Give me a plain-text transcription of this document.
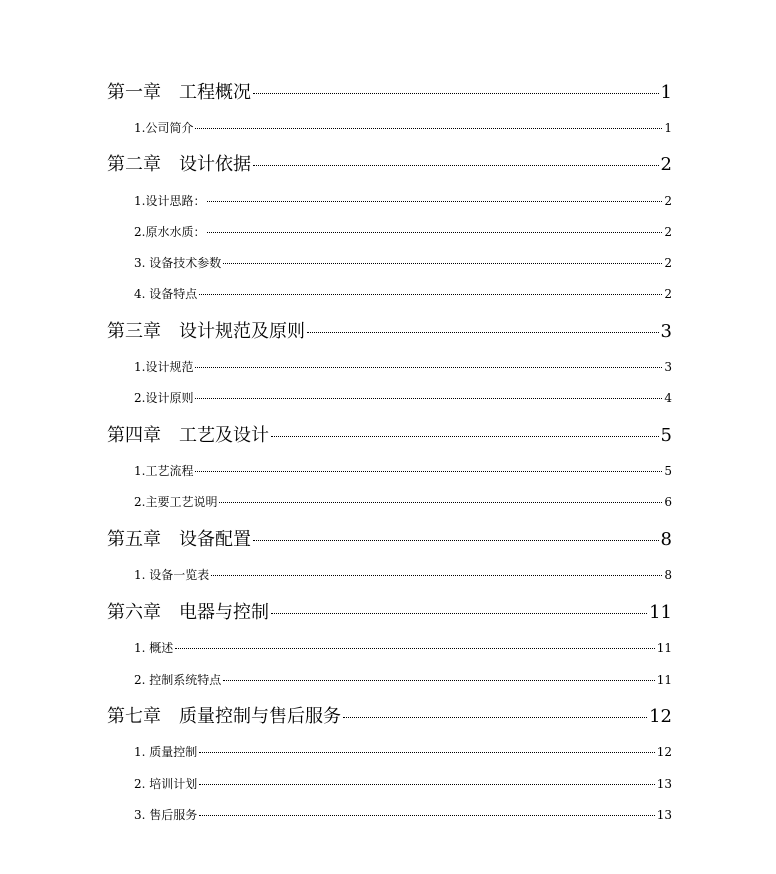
第一章 工程概况	1
1.公司简介	1
第二章 设计依据	2
1.设计思路：	2
2.原水水质：	2
3. 设备技术参数	2
4. 设备特点	2
第三章 设计规范及原则	3
1.设计规范	3
2.设计原则	4
第四章 工艺及设计	5
1.工艺流程	5
2.主要工艺说明	6
第五章 设备配置	8
1. 设备一览表	8
第六章 电器与控制	11
1. 概述	11
2. 控制系统特点	11
第七章 质量控制与售后服务	12
1. 质量控制	12
2. 培训计划	13
3. 售后服务	13
